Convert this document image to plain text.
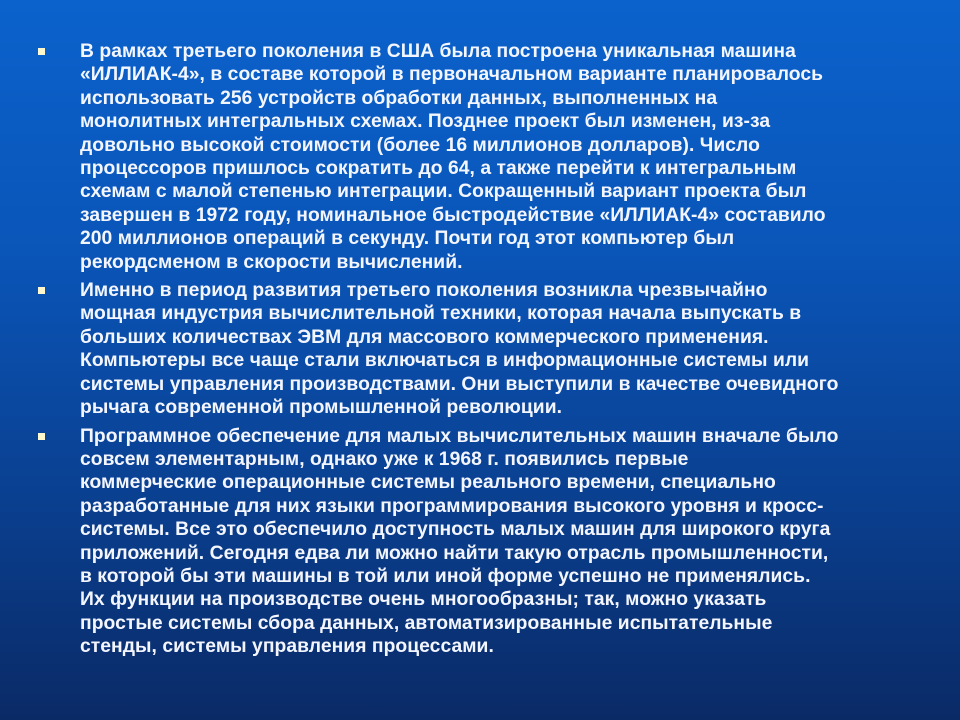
В рамках третьего поколения в США была построена уникальная машина
«ИЛЛИАК-4», в составе которой в первоначальном варианте планировалось
использовать 256 устройств обработки данных, выполненных на
монолитных интегральных схемах. Позднее проект был изменен, из-за
довольно высокой стоимости (более 16 миллионов долларов). Число
процессоров пришлось сократить до 64, а также перейти к интегральным
схемам с малой степенью интеграции. Сокращенный вариант проекта был
завершен в 1972 году, номинальное быстродействие «ИЛЛИАК-4» составило
200 миллионов операций в секунду. Почти год этот компьютер был
рекордсменом в скорости вычислений.
Именно в период развития третьего поколения возникла чрезвычайно
мощная индустрия вычислительной техники, которая начала выпускать в
больших количествах ЭВМ для массового коммерческого применения.
Компьютеры все чаще стали включаться в информационные системы или
системы управления производствами. Они выступили в качестве очевидного
рычага современной промышленной революции.
Программное обеспечение для малых вычислительных машин вначале было
совсем элементарным, однако уже к 1968 г. появились первые
коммерческие операционные системы реального времени, специально
разработанные для них языки программирования высокого уровня и кросс-
системы. Все это обеспечило доступность малых машин для широкого круга
приложений. Сегодня едва ли можно найти такую отрасль промышленности,
в которой бы эти машины в той или иной форме успешно не применялись.
Их функции на производстве очень многообразны; так, можно указать
простые системы сбора данных, автоматизированные испытательные
стенды, системы управления процессами.
